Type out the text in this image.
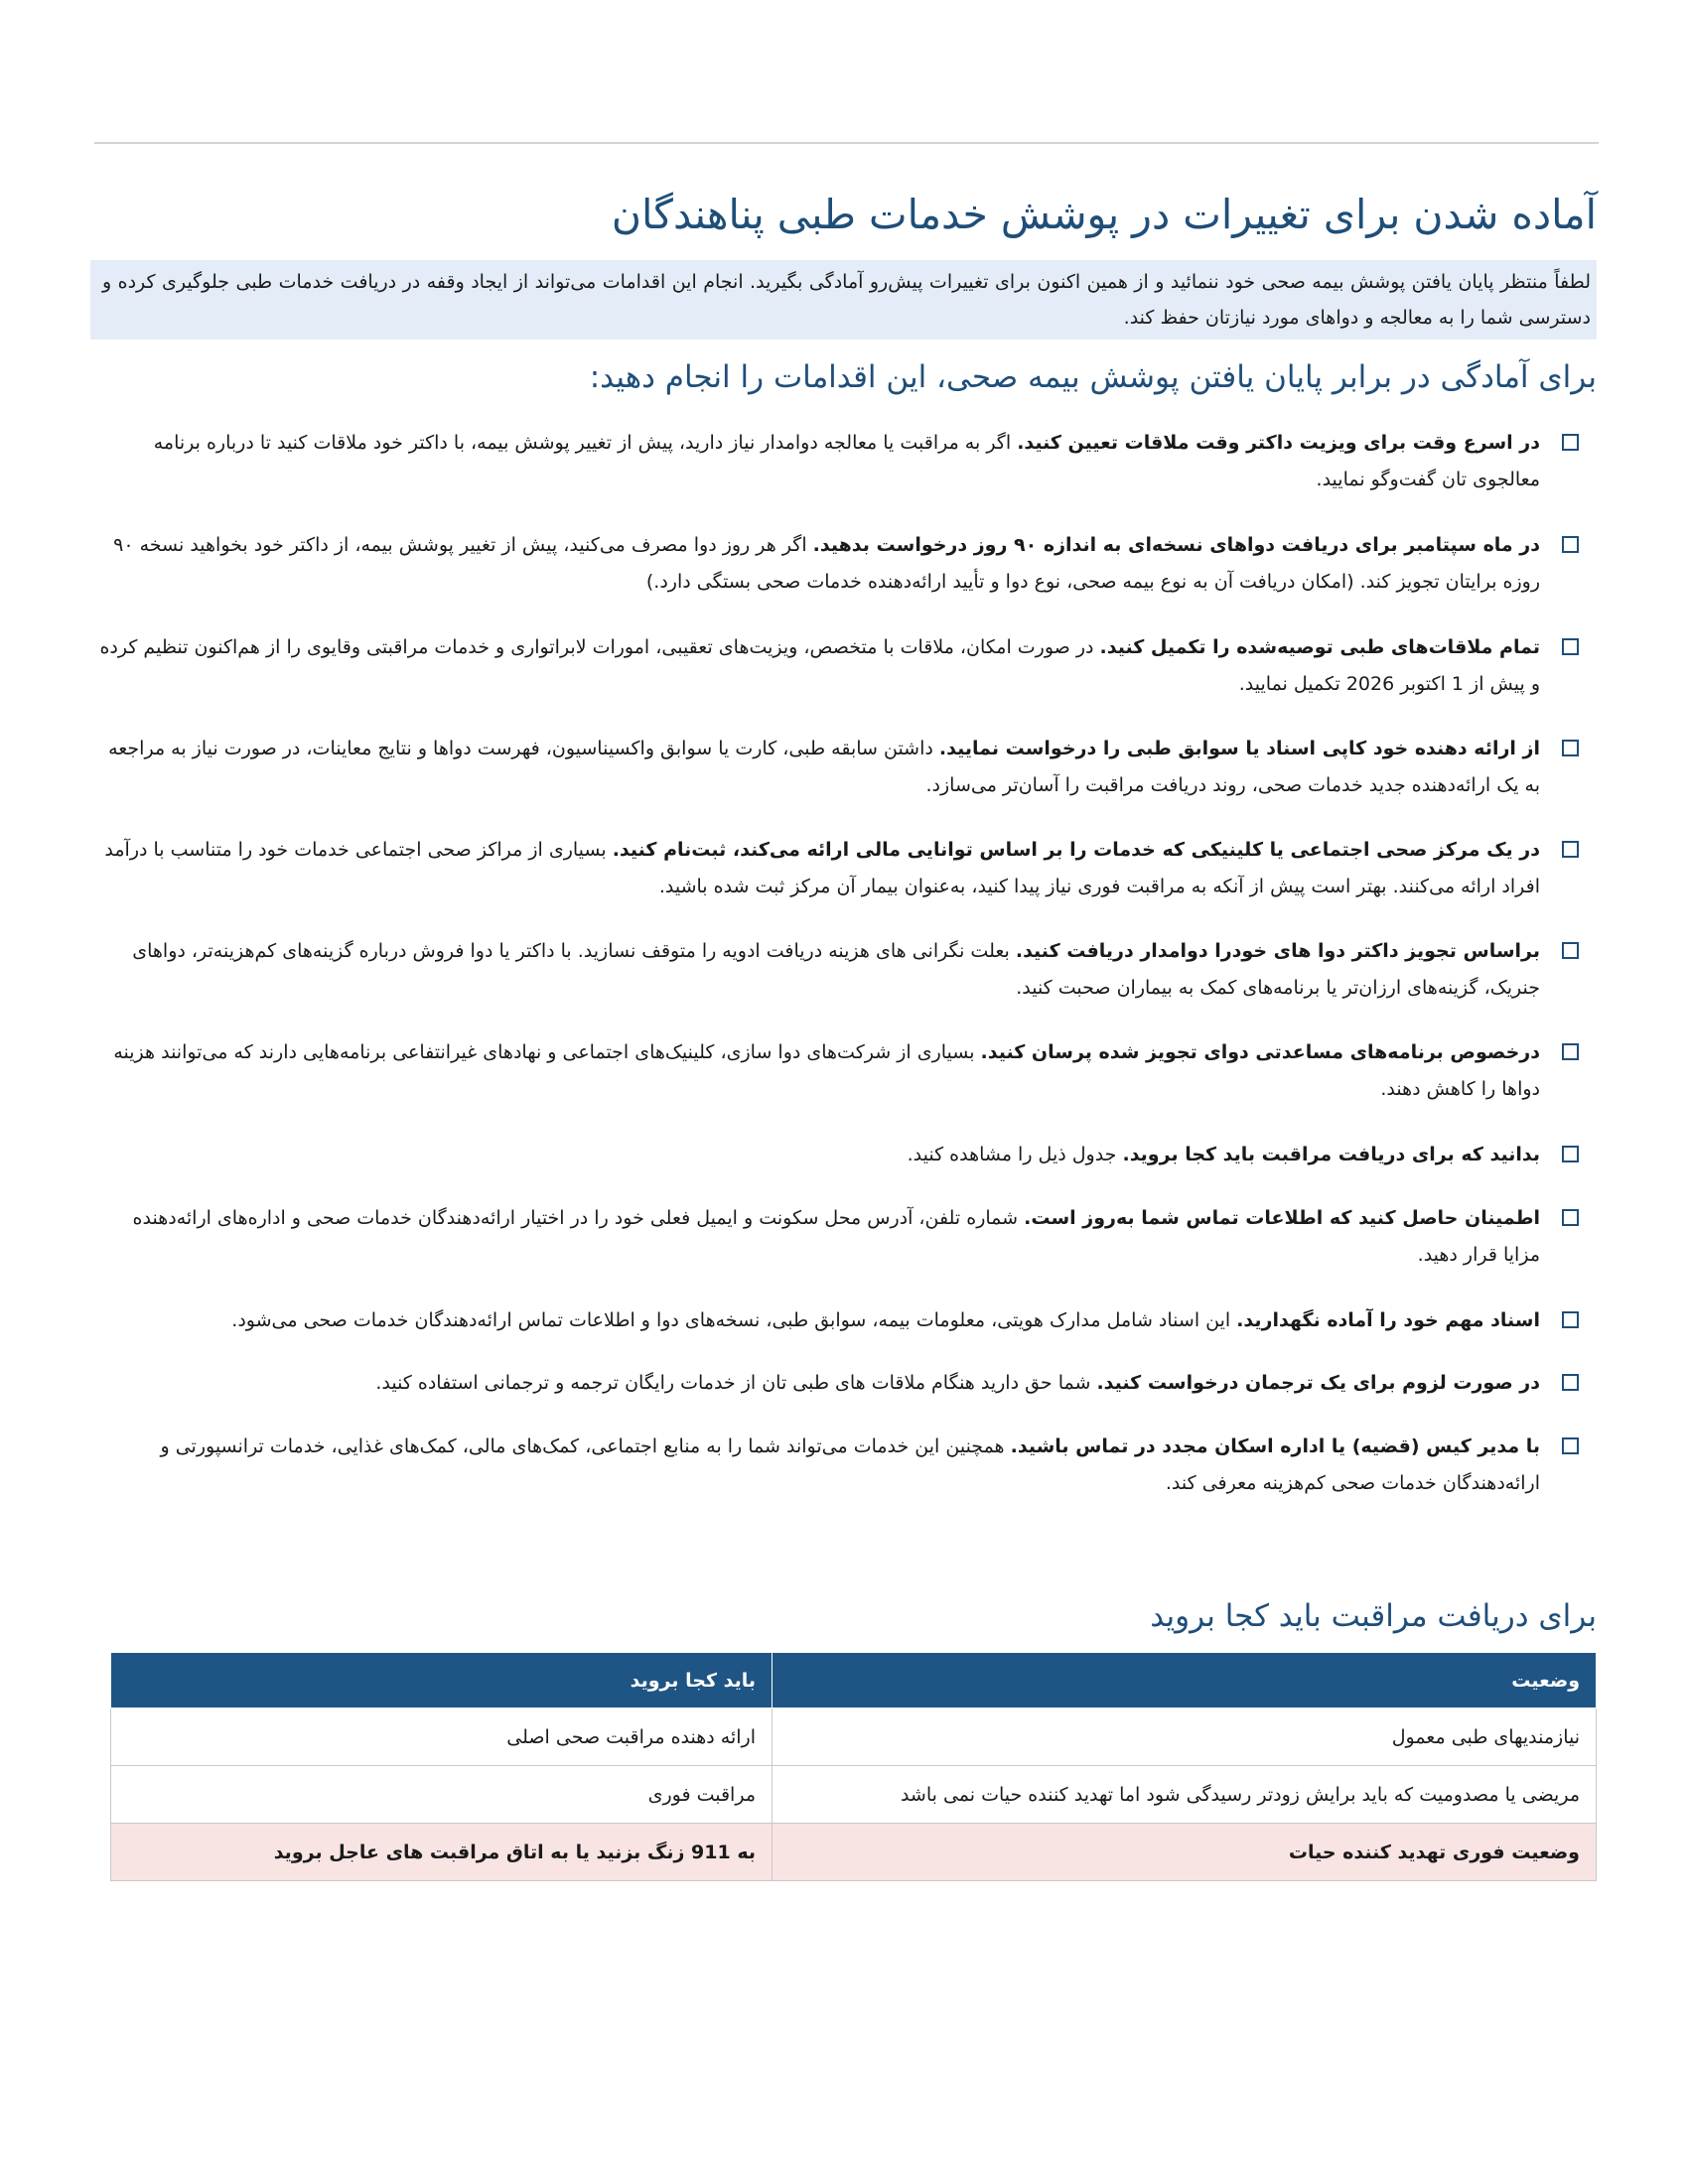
آماده شدن برای تغییرات در پوشش خدمات طبی پناهندگان
لطفاً منتظر پایان یافتن پوشش بیمه صحی خود ننمائید و از همین اکنون برای تغییرات پیش‌رو آمادگی بگیرید. انجام این اقدامات می‌تواند از ایجاد وقفه در دریافت خدمات طبی جلوگیری کرده و دسترسی شما را به معالجه و دواهای مورد نیازتان حفظ کند.
برای آمادگی در برابر پایان یافتن پوشش بیمه صحی، این اقدامات را انجام دهید:
در اسرع وقت برای ویزیت داکتر وقت ملاقات تعیین کنید. اگر به مراقبت یا معالجه دوامدار نیاز دارید، پیش از تغییر پوشش بیمه، با داکتر خود ملاقات کنید تا درباره برنامه معالجوی تان گفت‌وگو نمایید.
در ماه سپتامبر برای دریافت دواهای نسخه‌ای به اندازه ۹۰ روز درخواست بدهید. اگر هر روز دوا مصرف می‌کنید، پیش از تغییر پوشش بیمه، از داکتر خود بخواهید نسخه ۹۰ روزه برایتان تجویز کند. (امکان دریافت آن به نوع بیمه صحی، نوع دوا و تأیید ارائه‌دهنده خدمات صحی بستگی دارد.)
تمام ملاقات‌های طبی توصیه‌شده را تکمیل کنید. در صورت امکان، ملاقات با متخصص، ویزیت‌های تعقیبی، امورات لابراتواری و خدمات مراقبتی وقایوی را از هم‌اکنون تنظیم کرده و پیش از 1 اکتوبر 2026 تکمیل نمایید.
از ارائه دهنده خود کاپی اسناد یا سوابق طبی را درخواست نمایید. داشتن سابقه طبی، کارت یا سوابق واکسیناسیون، فهرست دواها و نتایج معاینات، در صورت نیاز به مراجعه به یک ارائه‌دهنده جدید خدمات صحی، روند دریافت مراقبت را آسان‌تر می‌سازد.
در یک مرکز صحی اجتماعی یا کلینیکی که خدمات را بر اساس توانایی مالی ارائه می‌کند، ثبت‌نام کنید. بسیاری از مراکز صحی اجتماعی خدمات خود را متناسب با درآمد افراد ارائه می‌کنند. بهتر است پیش از آنکه به مراقبت فوری نیاز پیدا کنید، به‌عنوان بیمار آن مرکز ثبت شده باشید.
براساس تجویز داکتر دوا های خودرا دوامدار دریافت کنید. بعلت نگرانی های هزینه دریافت ادویه را متوقف نسازید. با داکتر یا دوا فروش درباره گزینه‌های کم‌هزینه‌تر، دواهای جنریک، گزینه‌های ارزان‌تر یا برنامه‌های کمک به بیماران صحبت کنید.
درخصوص برنامه‌های مساعدتی دوای تجویز شده پرسان کنید. بسیاری از شرکت‌های دوا سازی، کلینیک‌های اجتماعی و نهادهای غیرانتفاعی برنامه‌هایی دارند که می‌توانند هزینه دواها را کاهش دهند.
بدانید که برای دریافت مراقبت باید کجا بروید. جدول ذیل را مشاهده کنید.
اطمینان حاصل کنید که اطلاعات تماس شما به‌روز است. شماره تلفن، آدرس محل سکونت و ایمیل فعلی خود را در اختیار ارائه‌دهندگان خدمات صحی و اداره‌های ارائه‌دهنده مزایا قرار دهید.
اسناد مهم خود را آماده نگهدارید. این اسناد شامل مدارک هویتی، معلومات بیمه، سوابق طبی، نسخه‌های دوا و اطلاعات تماس ارائه‌دهندگان خدمات صحی می‌شود.
در صورت لزوم برای یک ترجمان درخواست کنید. شما حق دارید هنگام ملاقات های طبی تان از خدمات رایگان ترجمه و ترجمانی استفاده کنید.
با مدیر کیس (قضیه) یا اداره اسکان مجدد در تماس باشید. همچنین این خدمات می‌تواند شما را به منابع اجتماعی، کمک‌های مالی، کمک‌های غذایی، خدمات ترانسپورتی و ارائه‌دهندگان خدمات صحی کم‌هزینه معرفی کند.
برای دریافت مراقبت باید کجا بروید
وضعیت	باید کجا بروید
نیازمندیهای طبی معمول	ارائه دهنده مراقبت صحی اصلی
مریضی یا مصدومیت که باید برایش زودتر رسیدگی شود اما تهدید کننده حیات نمی باشد	مراقبت فوری
وضعیت فوری تهدید کننده حیات	به 911 زنگ بزنید یا به اتاق مراقبت های عاجل بروید
